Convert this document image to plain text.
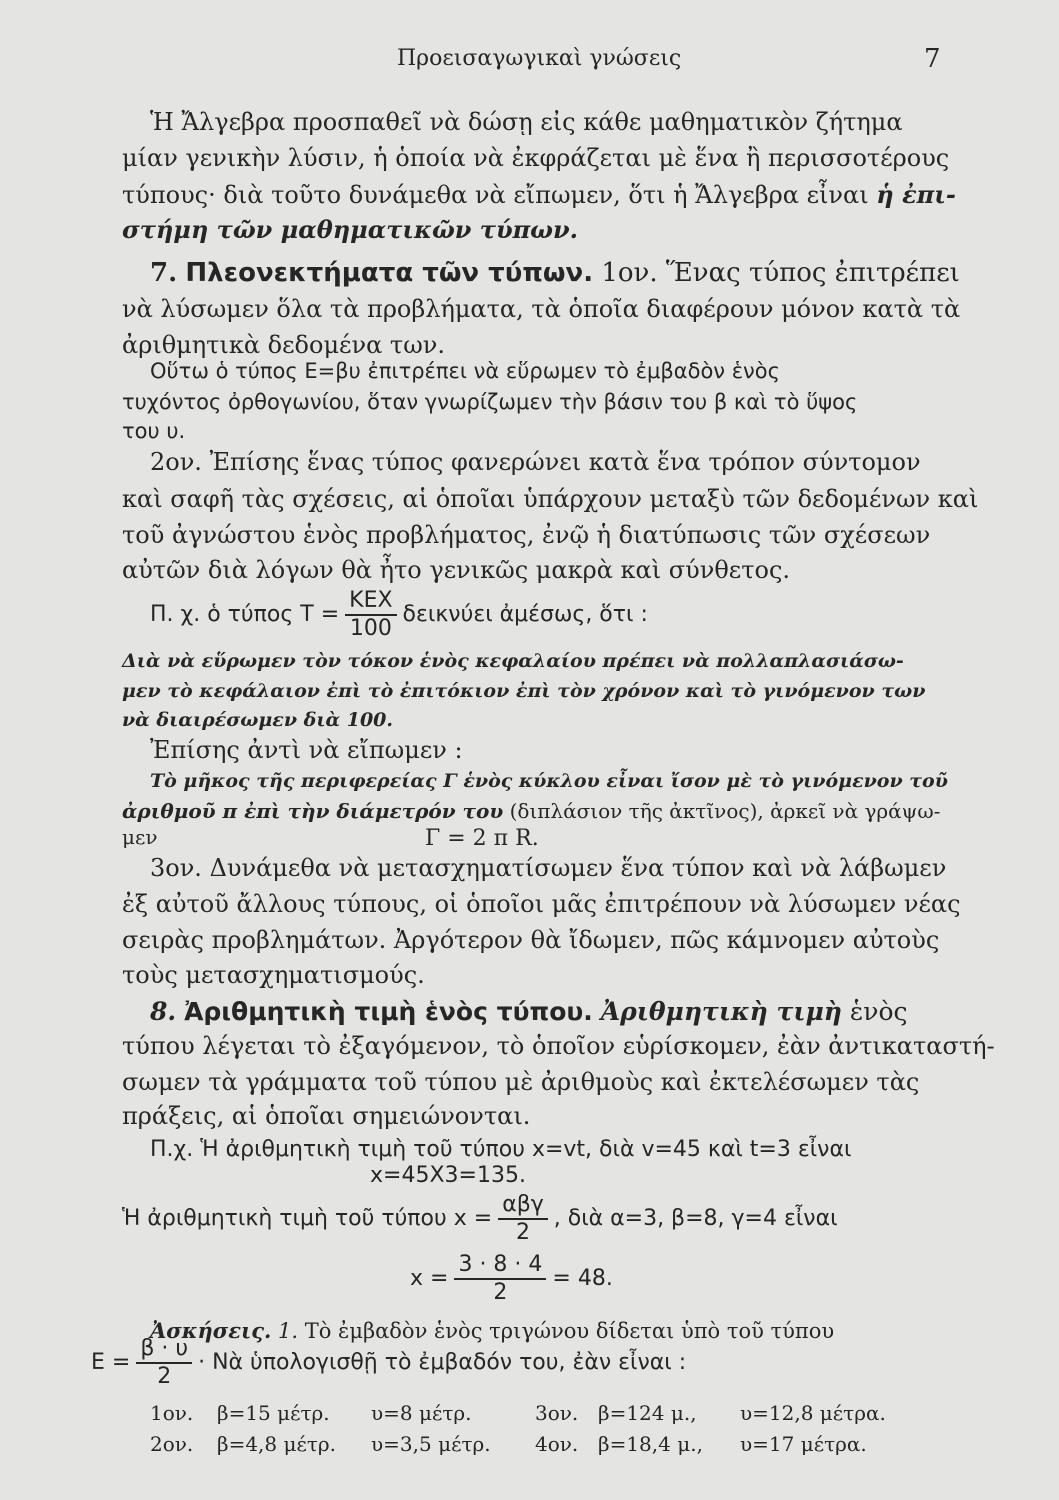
Προεισαγωγικαὶ γνώσεις	7
Ἡ Ἄλγεβρα προσπαθεῖ νὰ δώσῃ εἰς κάθε μαθηματικὸν ζήτημα
μίαν γενικὴν λύσιν, ἡ ὁποία νὰ ἐκφράζεται μὲ ἕνα ἢ περισσοτέρους
τύπους· διὰ τοῦτο δυνάμεθα νὰ εἴπωμεν, ὅτι ἡ Ἄλγεβρα εἶναι ἡ ἐπι-
στήμη τῶν μαθηματικῶν τύπων.
7. Πλεονεκτήματα τῶν τύπων. 1ον. Ἕνας τύπος ἐπιτρέπει
νὰ λύσωμεν ὅλα τὰ προβλήματα, τὰ ὁποῖα διαφέρουν μόνον κατὰ τὰ
ἀριθμητικὰ δεδομένα των.
Οὕτω ὁ τύπος Ε=βυ ἐπιτρέπει νὰ εὕρωμεν τὸ ἐμβαδὸν ἑνὸς
τυχόντος ὀρθογωνίου, ὅταν γνωρίζωμεν τὴν βάσιν του β καὶ τὸ ὕψος
του υ.
2ον. Ἐπίσης ἕνας τύπος φανερώνει κατὰ ἕνα τρόπον σύντομον
καὶ σαφῆ τὰς σχέσεις, αἱ ὁποῖαι ὑπάρχουν μεταξὺ τῶν δεδομένων καὶ
τοῦ ἀγνώστου ἑνὸς προβλήματος, ἐνῷ ἡ διατύπωσις τῶν σχέσεων
αὐτῶν διὰ λόγων θὰ ἦτο γενικῶς μακρὰ καὶ σύνθετος.
Π. χ. ὁ τύπος $T = \frac{\text{ΚΕΧ}}{100}$ δεικνύει ἀμέσως, ὅτι :
Διὰ νὰ εὕρωμεν τὸν τόκον ἑνὸς κεφαλαίου πρέπει νὰ πολλαπλασιάσω-
μεν τὸ κεφάλαιον ἐπὶ τὸ ἐπιτόκιον ἐπὶ τὸν χρόνον καὶ τὸ γινόμενον των
νὰ διαιρέσωμεν διὰ 100.
Ἐπίσης ἀντὶ νὰ εἴπωμεν :
Τὸ μῆκος τῆς περιφερείας Γ ἑνὸς κύκλου εἶναι ἴσον μὲ τὸ γινόμενον τοῦ
ἀριθμοῦ π ἐπὶ τὴν διάμετρόν του (διπλάσιον τῆς ἀκτῖνος), ἀρκεῖ νὰ γράψω-
μεν	Γ = 2 π R.
3ον. Δυνάμεθα νὰ μετασχηματίσωμεν ἕνα τύπον καὶ νὰ λάβωμεν
ἐξ αὐτοῦ ἄλλους τύπους, οἱ ὁποῖοι μᾶς ἐπιτρέπουν νὰ λύσωμεν νέας
σειρὰς προβλημάτων. Ἀργότερον θὰ ἴδωμεν, πῶς κάμνομεν αὐτοὺς
τοὺς μετασχηματισμούς.
8. Ἀριθμητικὴ τιμὴ ἑνὸς τύπου. Ἀριθμητικὴ τιμὴ ἑνὸς
τύπου λέγεται τὸ ἐξαγόμενον, τὸ ὁποῖον εὑρίσκομεν, ἐὰν ἀντικαταστή-
σωμεν τὰ γράμματα τοῦ τύπου μὲ ἀριθμοὺς καὶ ἐκτελέσωμεν τὰς
πράξεις, αἱ ὁποῖαι σημειώνονται.
Π.χ. Ἡ ἀριθμητικὴ τιμὴ τοῦ τύπου x=vt, διὰ v=45 καὶ t=3 εἶναι
x=45Χ3=135.
Ἡ ἀριθμητικὴ τιμὴ τοῦ τύπου $x = \frac{\text{αβγ}}{2}$ , διὰ α=3, β=8, γ=4 εἶναι
$x = \frac{3 \cdot 8 \cdot 4}{2} = 48$.
Ἀσκήσεις. 1. Τὸ ἐμβαδὸν ἑνὸς τριγώνου δίδεται ὑπὸ τοῦ τύπου
$E = \frac{\beta \cdot \upsilon}{2}$ · Νὰ ὑπολογισθῇ τὸ ἐμβαδόν του, ἐὰν εἶναι :
1ον. β=15 μέτρ. υ=8 μέτρ.	3ον. β=124 μ., υ=12,8 μέτρα.
2ον. β=4,8 μέτρ. υ=3,5 μέτρ. 4ον. β=18,4 μ., υ=17 μέτρα.
